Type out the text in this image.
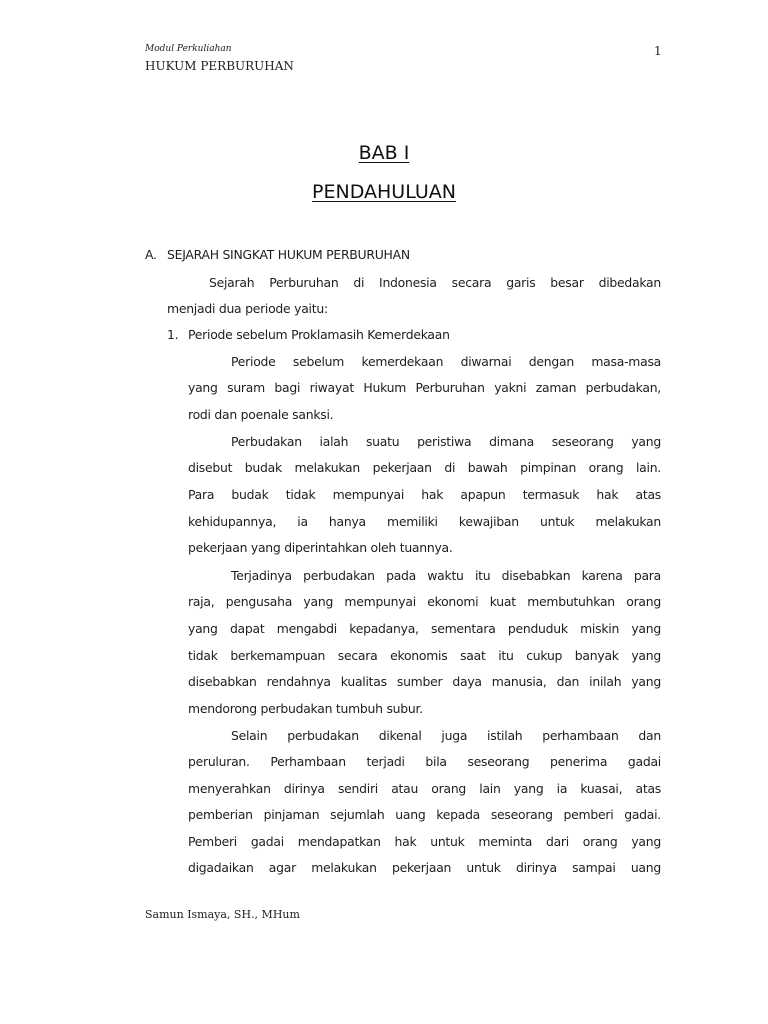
Modul Perkuliahan
HUKUM PERBURUHAN
1
BAB I
PENDAHULUAN
A. SEJARAH SINGKAT HUKUM PERBURUHAN
Sejarah Perburuhan di Indonesia secara garis besar dibedakan
menjadi dua periode yaitu:
1. Periode sebelum Proklamasih Kemerdekaan
Periode sebelum kemerdekaan diwarnai dengan masa-masa
yang suram bagi riwayat Hukum Perburuhan yakni zaman perbudakan,
rodi dan poenale sanksi.
Perbudakan ialah suatu peristiwa dimana seseorang yang
disebut budak melakukan pekerjaan di bawah pimpinan orang lain.
Para budak tidak mempunyai hak apapun termasuk hak atas
kehidupannya, ia hanya memiliki kewajiban untuk melakukan
pekerjaan yang diperintahkan oleh tuannya.
Terjadinya perbudakan pada waktu itu disebabkan karena para
raja, pengusaha yang mempunyai ekonomi kuat membutuhkan orang
yang dapat mengabdi kepadanya, sementara penduduk miskin yang
tidak berkemampuan secara ekonomis saat itu cukup banyak yang
disebabkan rendahnya kualitas sumber daya manusia, dan inilah yang
mendorong perbudakan tumbuh subur.
Selain perbudakan dikenal juga istilah perhambaan dan
peruluran. Perhambaan terjadi bila seseorang penerima gadai
menyerahkan dirinya sendiri atau orang lain yang ia kuasai, atas
pemberian pinjaman sejumlah uang kepada seseorang pemberi gadai.
Pemberi gadai mendapatkan hak untuk meminta dari orang yang
digadaikan agar melakukan pekerjaan untuk dirinya sampai uang
Samun Ismaya, SH., MHum
